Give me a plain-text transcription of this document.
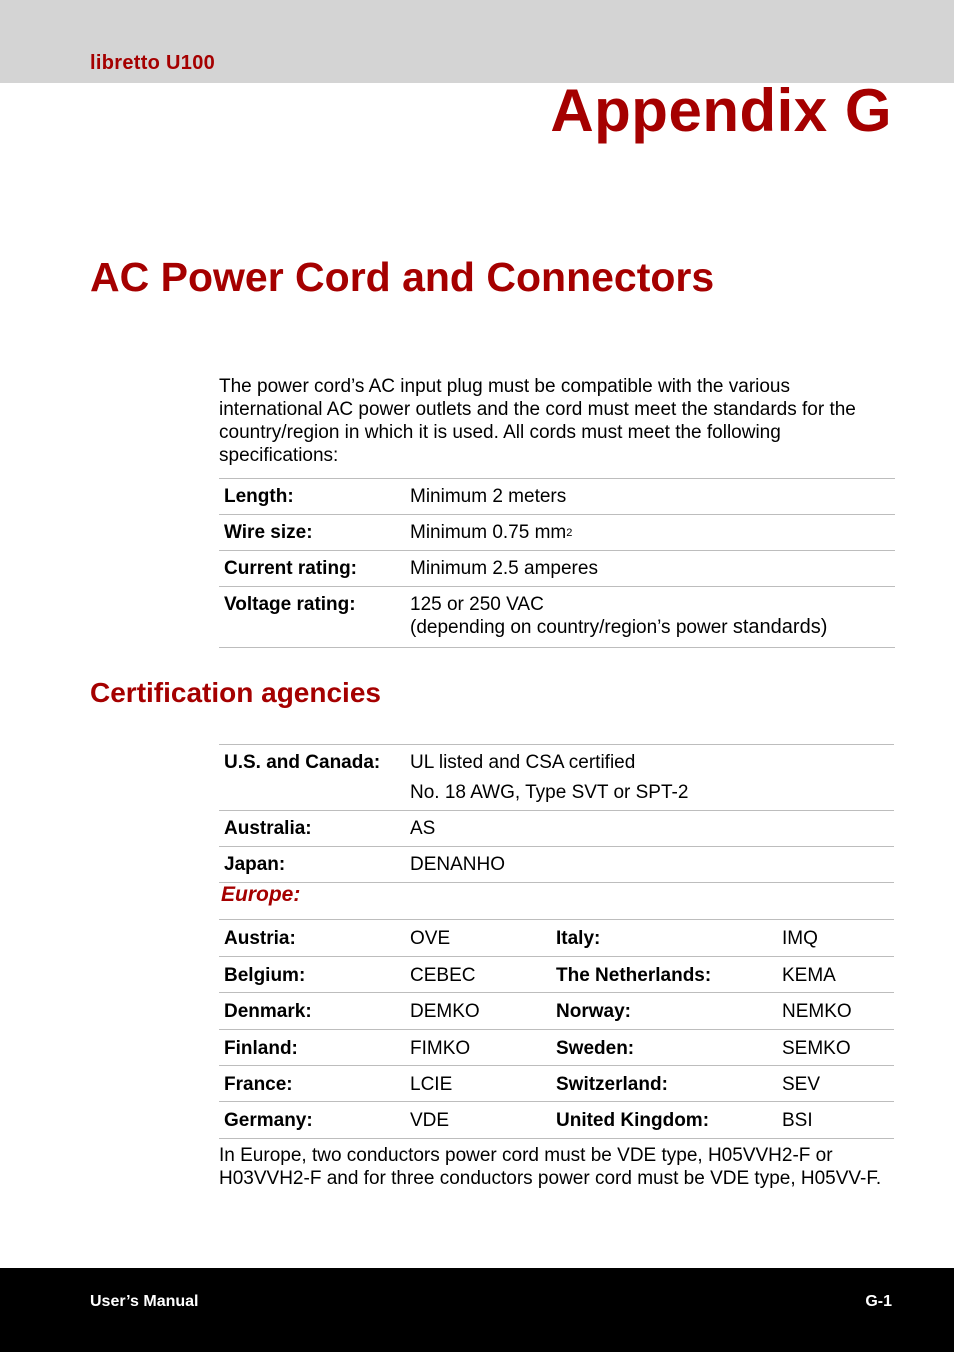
libretto U100
Appendix G
AC Power Cord and Connectors
The power cord’s AC input plug must be compatible with the various international AC power outlets and the cord must meet the standards for the country/region in which it is used. All cords must meet the following specifications:
Length:	Minimum 2 meters
Wire size:	Minimum 0.75 mm2
Current rating:	Minimum 2.5 amperes
Voltage rating:	125 or 250 VAC
(depending on country/region’s power standards)
Certification agencies
U.S. and Canada:	UL listed and CSA certified
No. 18 AWG, Type SVT or SPT-2

Australia:	AS
Japan:	DENANHO
Europe:	
Austria:	OVE	Italy:	IMQ
Belgium:	CEBEC	The Netherlands:	KEMA
Denmark:	DEMKO	Norway:	NEMKO
Finland:	FIMKO	Sweden:	SEMKO
France:	LCIE	Switzerland:	SEV
Germany:	VDE	United Kingdom:	BSI
In Europe, two conductors power cord must be VDE type, H05VVH2-F or H03VVH2-F and for three conductors power cord must be VDE type, H05VV-F.
User’s Manual	G-1
